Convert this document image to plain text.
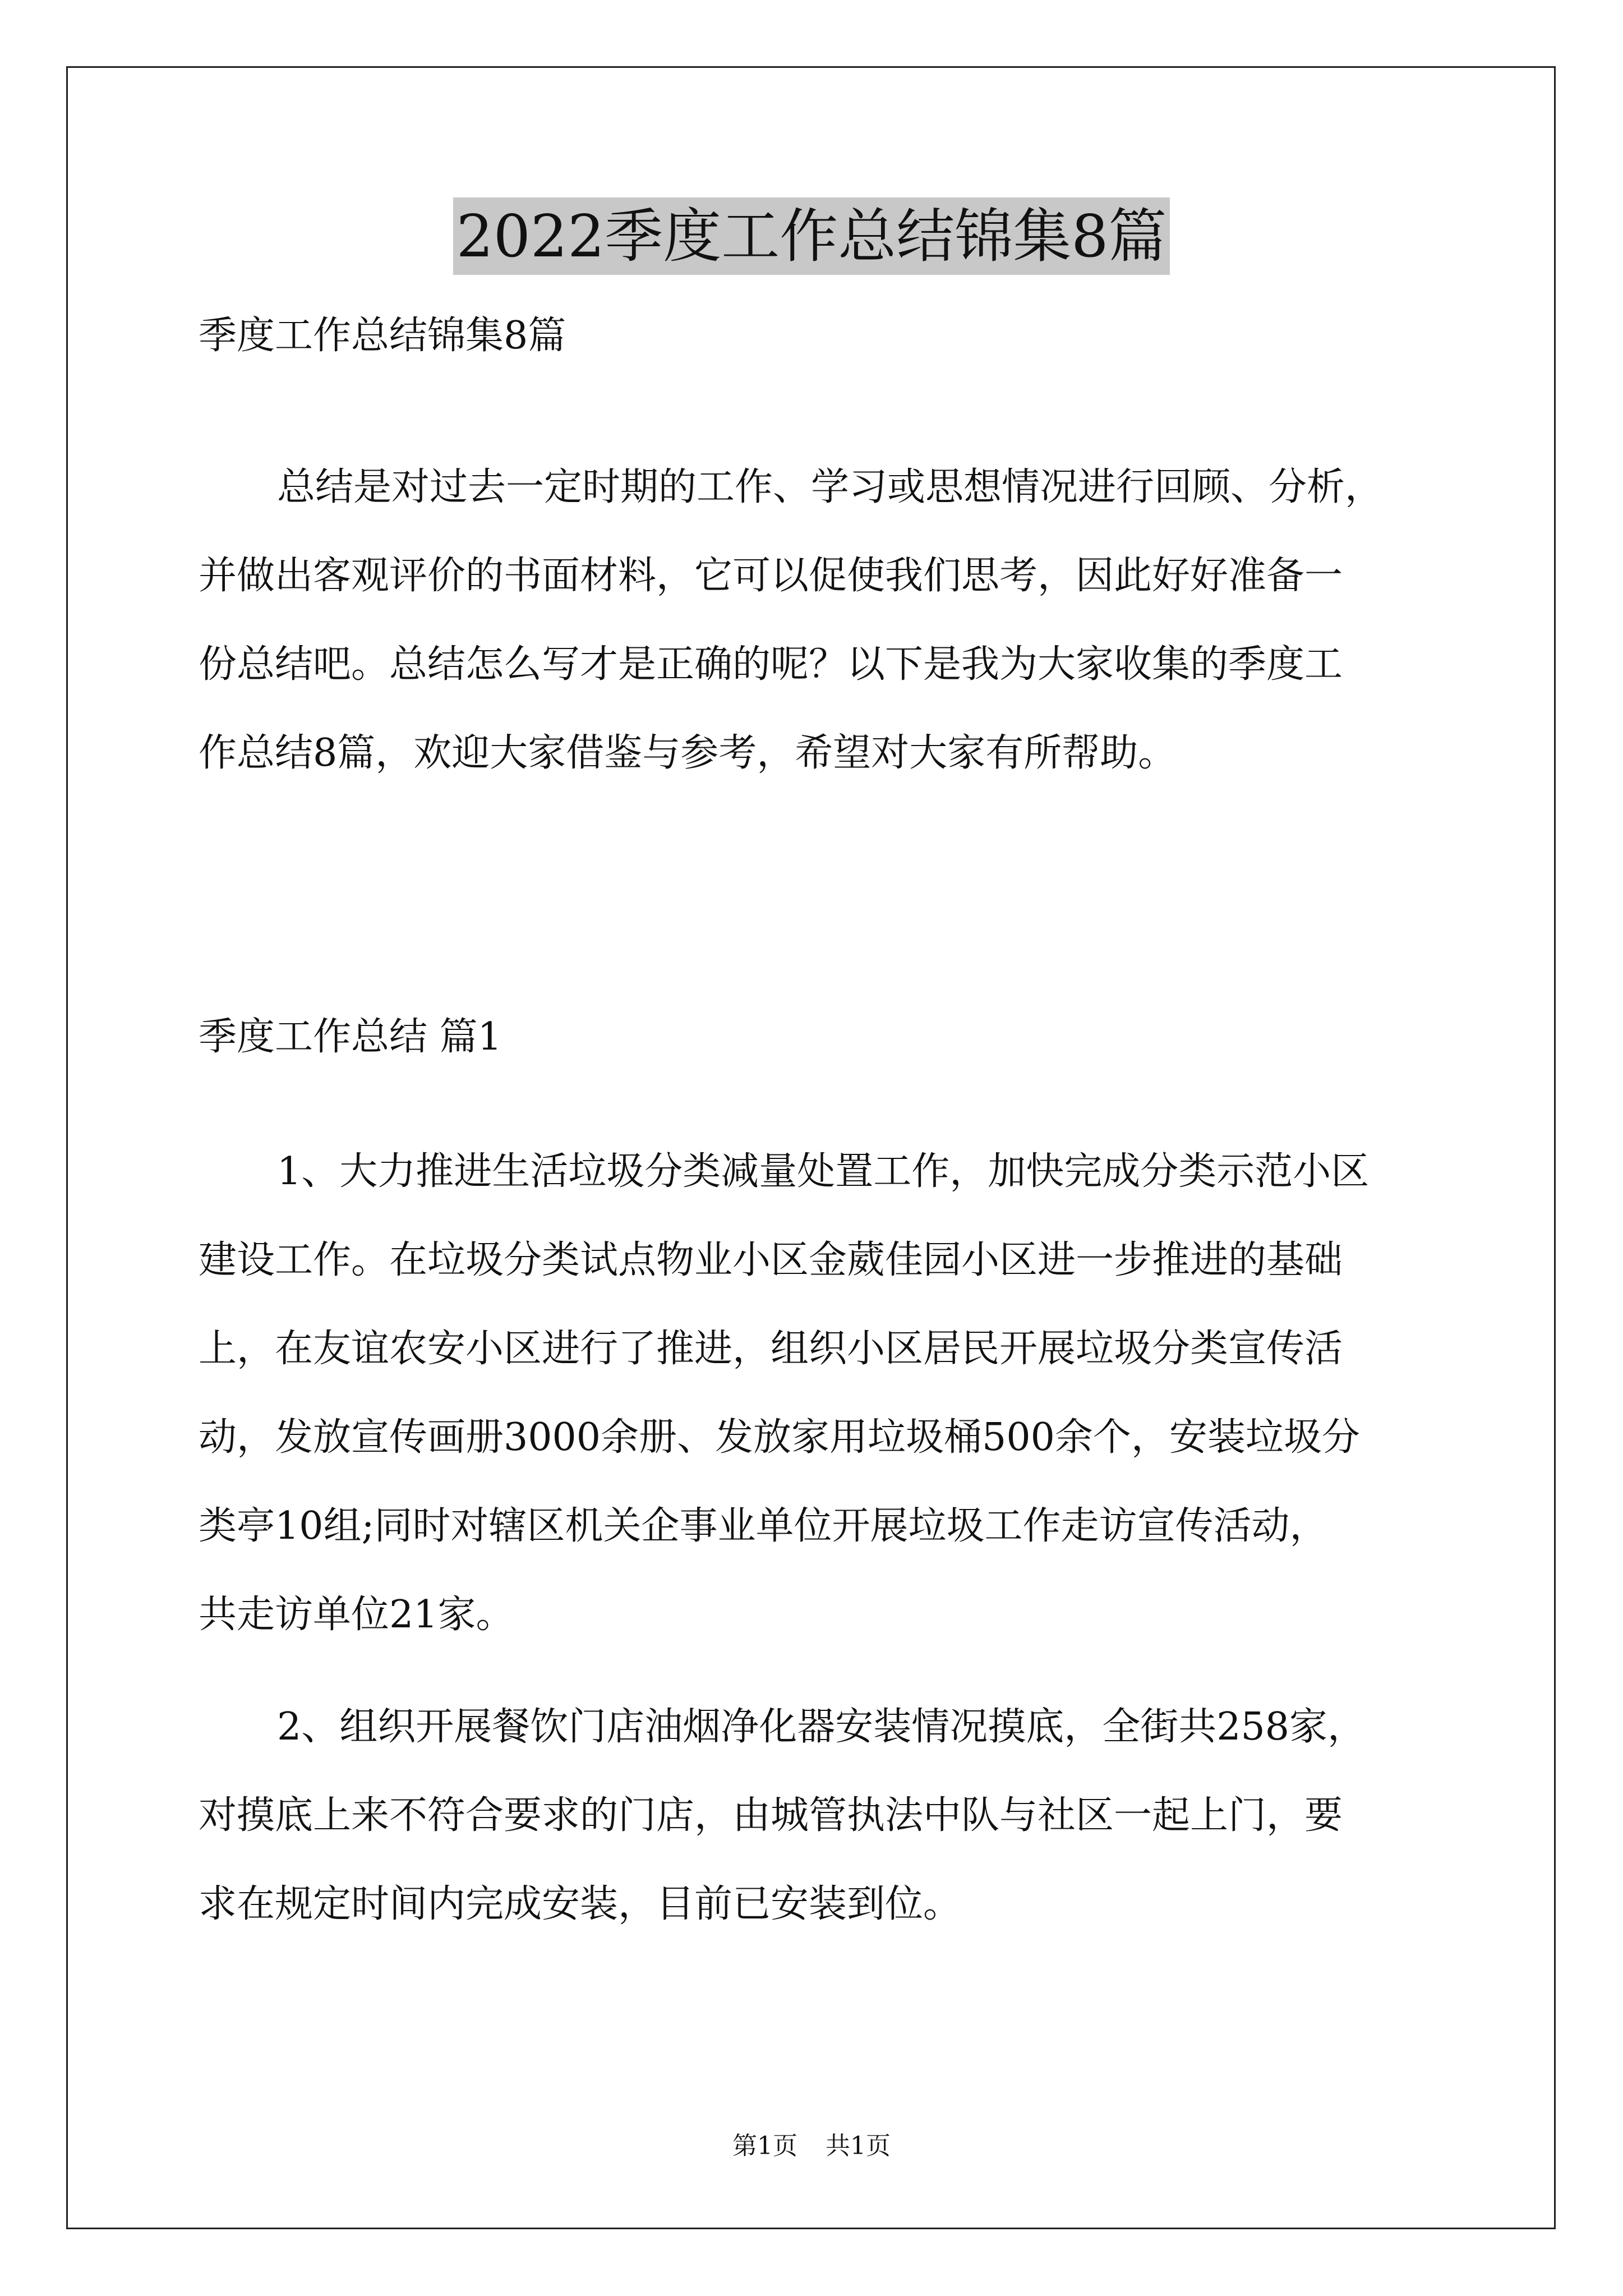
2022季度工作总结锦集8篇

季度工作总结锦集8篇

总结是对过去一定时期的工作、学习或思想情况进行回顾、分析，
并做出客观评价的书面材料，它可以促使我们思考，因此好好准备一
份总结吧。总结怎么写才是正确的呢？以下是我为大家收集的季度工
作总结8篇，欢迎大家借鉴与参考，希望对大家有所帮助。

季度工作总结 篇1

1、大力推进生活垃圾分类减量处置工作，加快完成分类示范小区
建设工作。在垃圾分类试点物业小区金葳佳园小区进一步推进的基础
上，在友谊农安小区进行了推进，组织小区居民开展垃圾分类宣传活
动，发放宣传画册3000余册、发放家用垃圾桶500余个，安装垃圾分
类亭10组;同时对辖区机关企事业单位开展垃圾工作走访宣传活动，
共走访单位21家。

2、组织开展餐饮门店油烟净化器安装情况摸底，全街共258家，
对摸底上来不符合要求的门店，由城管执法中队与社区一起上门，要
求在规定时间内完成安装，目前已安装到位。

第1页 共1页
